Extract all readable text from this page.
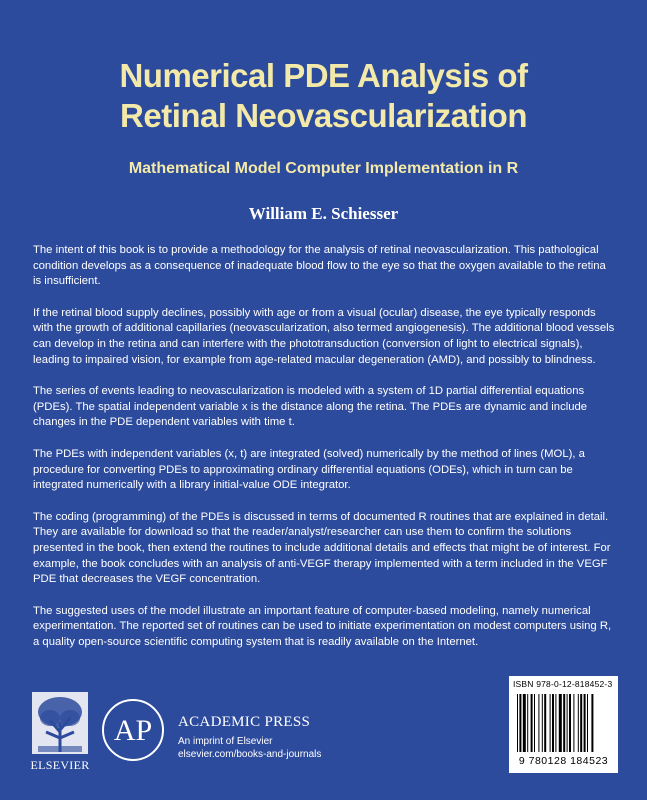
Numerical PDE Analysis of
Retinal Neovascularization
Mathematical Model Computer Implementation in R
William E. Schiesser

The intent of this book is to provide a methodology for the analysis of retinal neovascularization. This pathological condition develops as a consequence of inadequate blood flow to the eye so that the oxygen available to the retina is insufficient.

If the retinal blood supply declines, possibly with age or from a visual (ocular) disease, the eye typically responds with the growth of additional capillaries (neovascularization, also termed angiogenesis). The additional blood vessels can develop in the retina and can interfere with the phototransduction (conversion of light to electrical signals), leading to impaired vision, for example from age-related macular degeneration (AMD), and possibly to blindness.

The series of events leading to neovascularization is modeled with a system of 1D partial differential equations (PDEs). The spatial independent variable x is the distance along the retina. The PDEs are dynamic and include changes in the PDE dependent variables with time t.

The PDEs with independent variables (x, t) are integrated (solved) numerically by the method of lines (MOL), a procedure for converting PDEs to approximating ordinary differential equations (ODEs), which in turn can be integrated numerically with a library initial-value ODE integrator.

The coding (programming) of the PDEs is discussed in terms of documented R routines that are explained in detail. They are available for download so that the reader/analyst/researcher can use them to confirm the solutions presented in the book, then extend the routines to include additional details and effects that might be of interest. For example, the book concludes with an analysis of anti-VEGF therapy implemented with a term included in the VEGF PDE that decreases the VEGF concentration.

The suggested uses of the model illustrate an important feature of computer-based modeling, namely numerical experimentation. The reported set of routines can be used to initiate experimentation on modest computers using R, a quality open-source scientific computing system that is readily available on the Internet.

ELSEVIER
AP ACADEMIC PRESS
An imprint of Elsevier
elsevier.com/books-and-journals
ISBN 978-0-12-818452-3
9 780128 184523
